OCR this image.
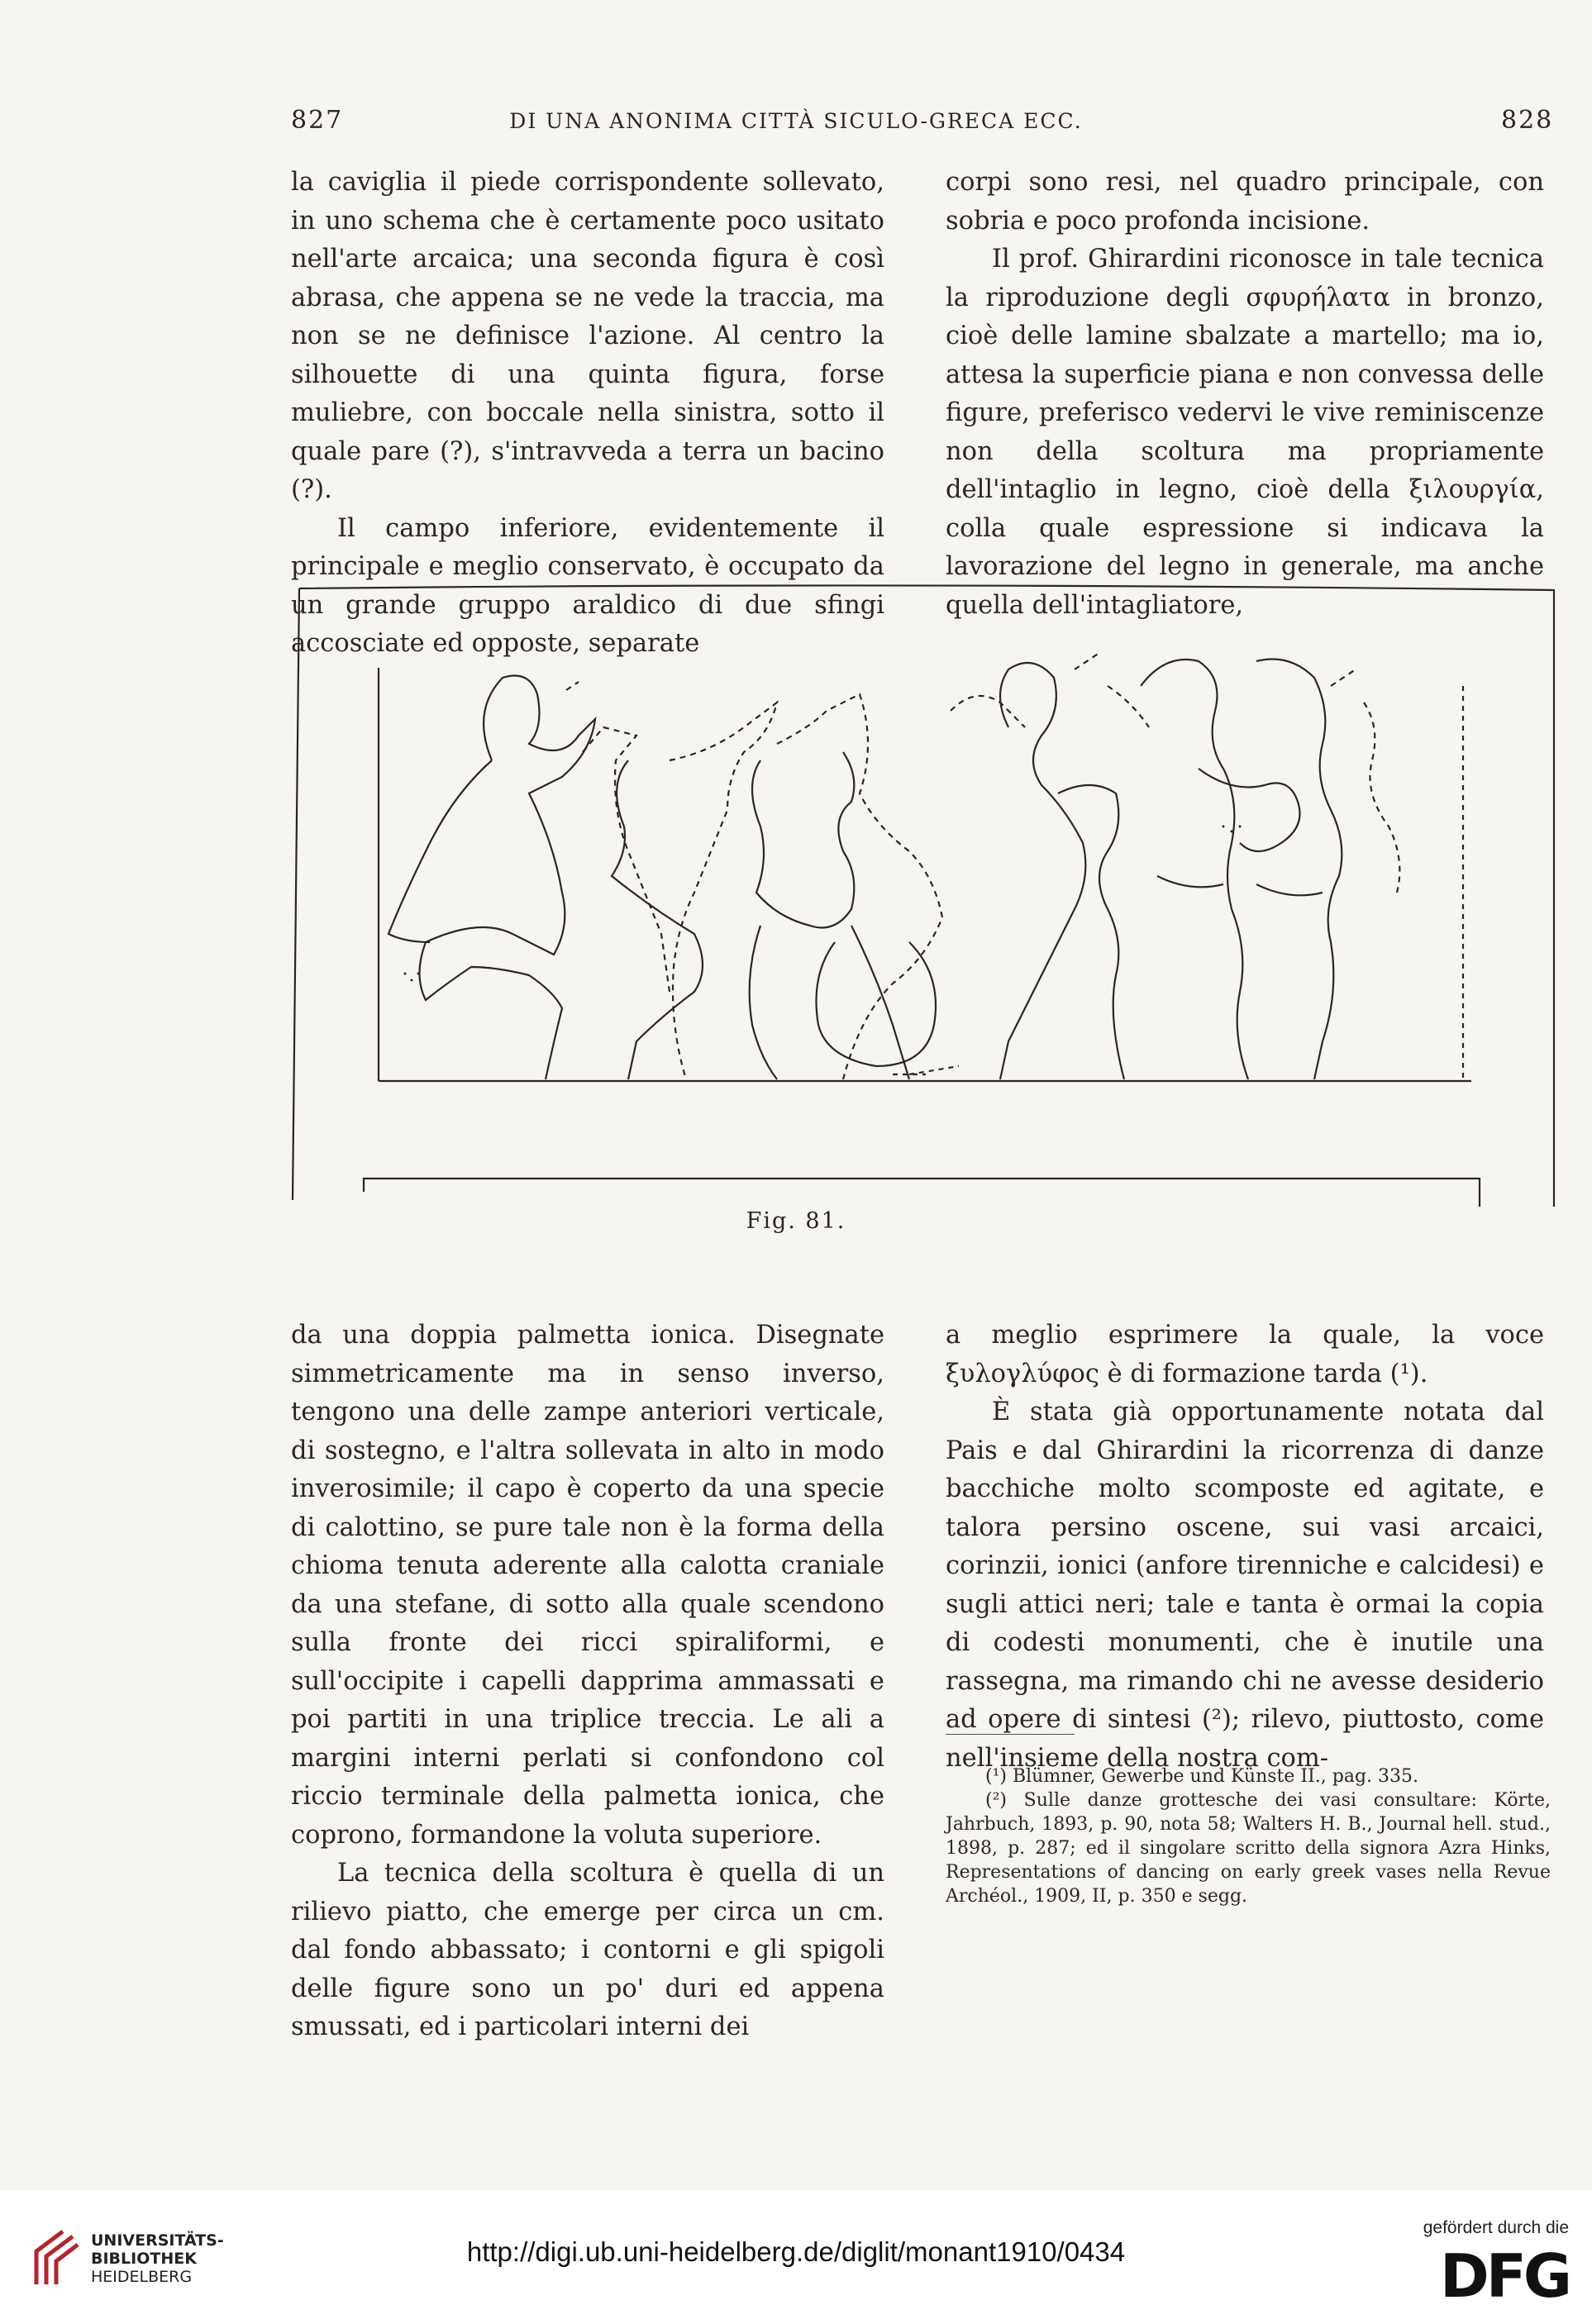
827	DI UNA ANONIMA CITTÀ SICULO-GRECA ECC.	828

la caviglia il piede corrispondente sollevato, in uno schema che è certamente poco usitato nell'arte arcaica; una seconda figura è così abrasa, che appena se ne vede la traccia, ma non se ne definisce l'azione. Al centro la silhouette di una quinta figura, forse muliebre, con boccale nella sinistra, sotto il quale pare (?), s'intravveda a terra un bacino (?).

Il campo inferiore, evidentemente il principale e meglio conservato, è occupato da un grande gruppo araldico di due sfingi accosciate ed opposte, separate

corpi sono resi, nel quadro principale, con sobria e poco profonda incisione.

Il prof. Ghirardini riconosce in tale tecnica la riproduzione degli σφυρήλατα in bronzo, cioè delle lamine sbalzate a martello; ma io, attesa la superficie piana e non convessa delle figure, preferisco vedervi le vive reminiscenze non della scoltura ma propriamente dell'intaglio in legno, cioè della ξιλουργία, colla quale espressione si indicava la lavorazione del legno in generale, ma anche quella dell'intagliatore,

Fig. 81.

da una doppia palmetta ionica. Disegnate simmetricamente ma in senso inverso, tengono una delle zampe anteriori verticale, di sostegno, e l'altra sollevata in alto in modo inverosimile; il capo è coperto da una specie di calottino, se pure tale non è la forma della chioma tenuta aderente alla calotta craniale da una stefane, di sotto alla quale scendono sulla fronte dei ricci spiraliformi, e sull'occipite i capelli dapprima ammassati e poi partiti in una triplice treccia. Le ali a margini interni perlati si confondono col riccio terminale della palmetta ionica, che coprono, formandone la voluta superiore.

La tecnica della scoltura è quella di un rilievo piatto, che emerge per circa un cm. dal fondo abbassato; i contorni e gli spigoli delle figure sono un po' duri ed appena smussati, ed i particolari interni dei

a meglio esprimere la quale, la voce ξυλογλύφος è di formazione tarda (¹).

È stata già opportunamente notata dal Pais e dal Ghirardini la ricorrenza di danze bacchiche molto scomposte ed agitate, e talora persino oscene, sui vasi arcaici, corinzii, ionici (anfore tirenniche e calcidesi) e sugli attici neri; tale e tanta è ormai la copia di codesti monumenti, che è inutile una rassegna, ma rimando chi ne avesse desiderio ad opere di sintesi (²); rilevo, piuttosto, come nell'insieme della nostra com-

(¹) Blümner, Gewerbe und Künste II., pag. 335.

(²) Sulle danze grottesche dei vasi consultare: Körte, Jahrbuch, 1893, p. 90, nota 58; Walters H. B., Journal hell. stud., 1898, p. 287; ed il singolare scritto della signora Azra Hinks, Representations of dancing on early greek vases nella Revue Archéol., 1909, II, p. 350 e segg.

UNIVERSITÄTS-
BIBLIOTHEK
HEIDELBERG
http://digi.ub.uni-heidelberg.de/diglit/monant1910/0434
gefördert durch die
DFG
